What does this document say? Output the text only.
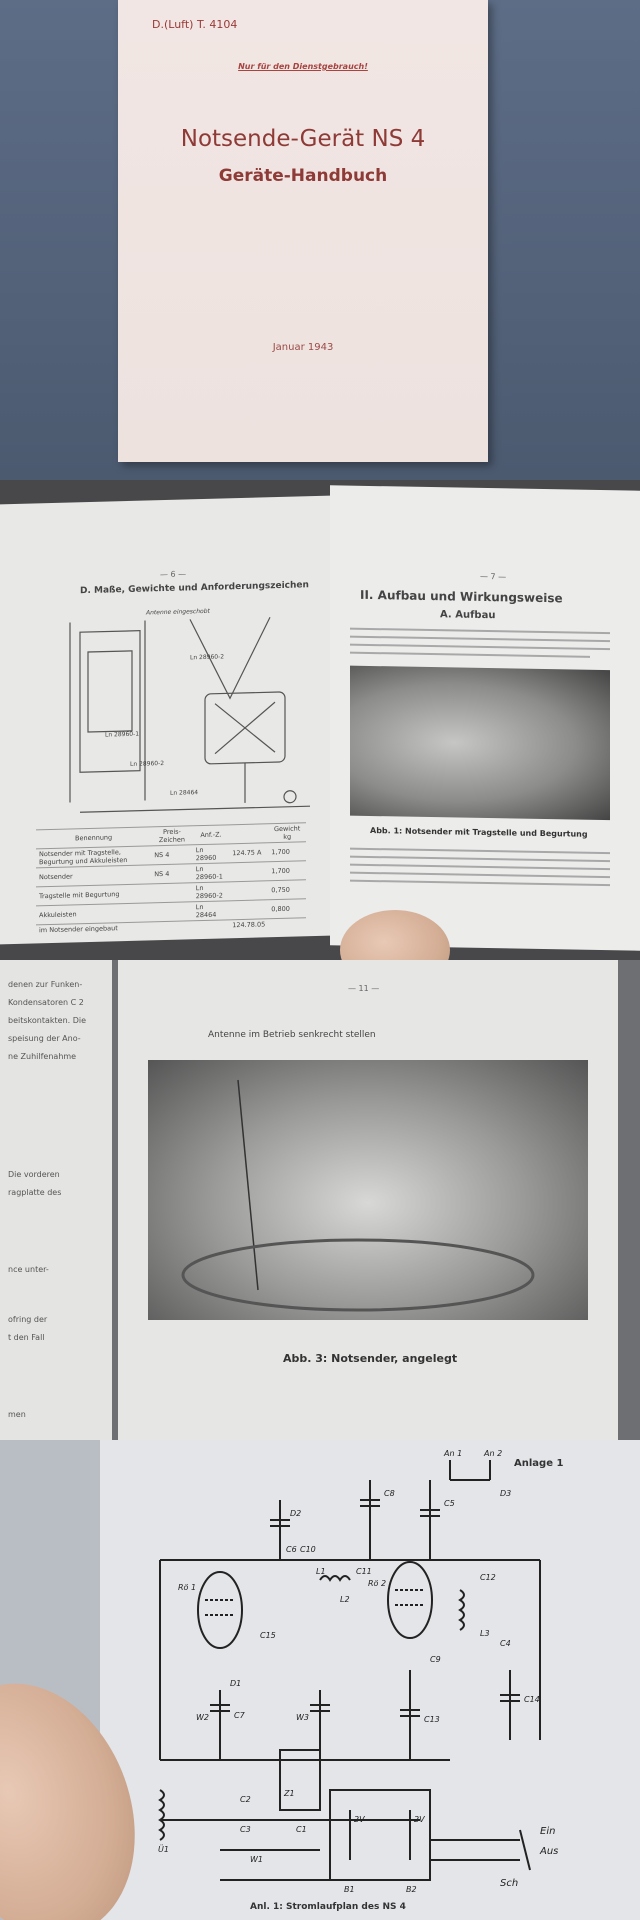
D.(Luft) T. 4104
Nur für den Dienstgebrauch!
Notsende-Gerät NS 4
Geräte-Handbuch
Januar 1943
— 6 —
D. Maße, Gewichte und Anforderungszeichen
Antenne eingeschobt
Ln 28960-2
Ln 28960-1
Ln 28960-2
Ln 28464
Benennung	Preis-Zeichen	Anf.-Z.		Gewicht kg
Notsender mit Tragstelle, Begurtung und Akkuleisten	NS 4	Ln 28960	124.75 A	1,700
Notsender	NS 4	Ln 28960-1		1,700
Tragstelle mit Begurtung		Ln 28960-2		0,750
Akkuleisten		Ln 28464		0,800
im Notsender eingebaut			124.78.05	
— 7 —
II. Aufbau und Wirkungsweise
A. Aufbau
Abb. 1: Notsender mit Tragstelle und Begurtung
denen zur Funken-
Kondensatoren C 2
beitskontakten. Die
speisung der Ano-
ne Zuhilfenahme
Die vorderen
ragplatte des
nce unter-
ofring der
t den Fall
men
— 11 —
Antenne im Betrieb senkrecht stellen
Abb. 3: Notsender, angelegt
Anlage 1
An 1	An 2
D3
D2
C8
C5
C6 C10
L1	C11
Rö 1	Rö 2
L2
C15
C12
C9
L3
C4
D1
W2	C7	W3	C13
C14
Z1
C2
C3	C1
W1
Ü1
B1	B2
2V	2V
Ein
Aus
Sch
Anl. 1: Stromlaufplan des NS 4
